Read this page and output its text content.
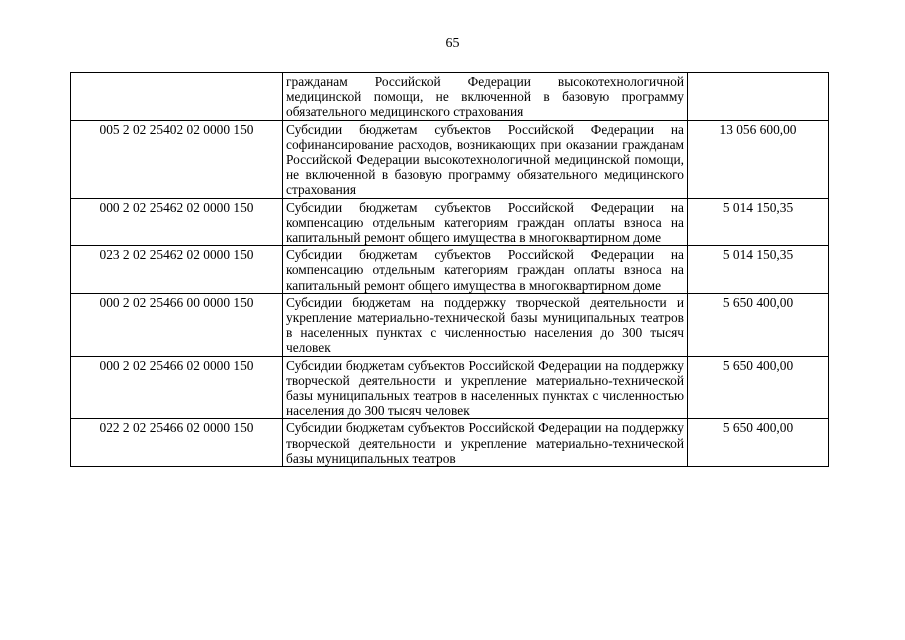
65
	гражданам Российской Федерации высокотехнологичной медицинской помощи, не включенной в базовую программу обязательного медицинского страхования	
005 2 02 25402 02 0000 150	Субсидии бюджетам субъектов Российской Федерации на софинансирование расходов, возникающих при оказании гражданам Российской Федерации высокотехнологичной медицинской помощи, не включенной в базовую программу обязательного медицинского страхования	13 056 600,00
000 2 02 25462 02 0000 150	Субсидии бюджетам субъектов Российской Федерации на компенсацию отдельным категориям граждан оплаты взноса на капитальный ремонт общего имущества в многоквартирном доме	5 014 150,35
023 2 02 25462 02 0000 150	Субсидии бюджетам субъектов Российской Федерации на компенсацию отдельным категориям граждан оплаты взноса на капитальный ремонт общего имущества в многоквартирном доме	5 014 150,35
000 2 02 25466 00 0000 150	Субсидии бюджетам на поддержку творческой деятельности и укрепление материально-технической базы муниципальных театров в населенных пунктах с численностью населения до 300 тысяч человек	5 650 400,00
000 2 02 25466 02 0000 150	Субсидии бюджетам субъектов Российской Федерации на поддержку творческой деятельности и укрепление материально-технической базы муниципальных театров в населенных пунктах с численностью населения до 300 тысяч человек	5 650 400,00
022 2 02 25466 02 0000 150	Субсидии бюджетам субъектов Российской Федерации на поддержку творческой деятельности и укрепление материально-технической базы муниципальных театров	5 650 400,00
